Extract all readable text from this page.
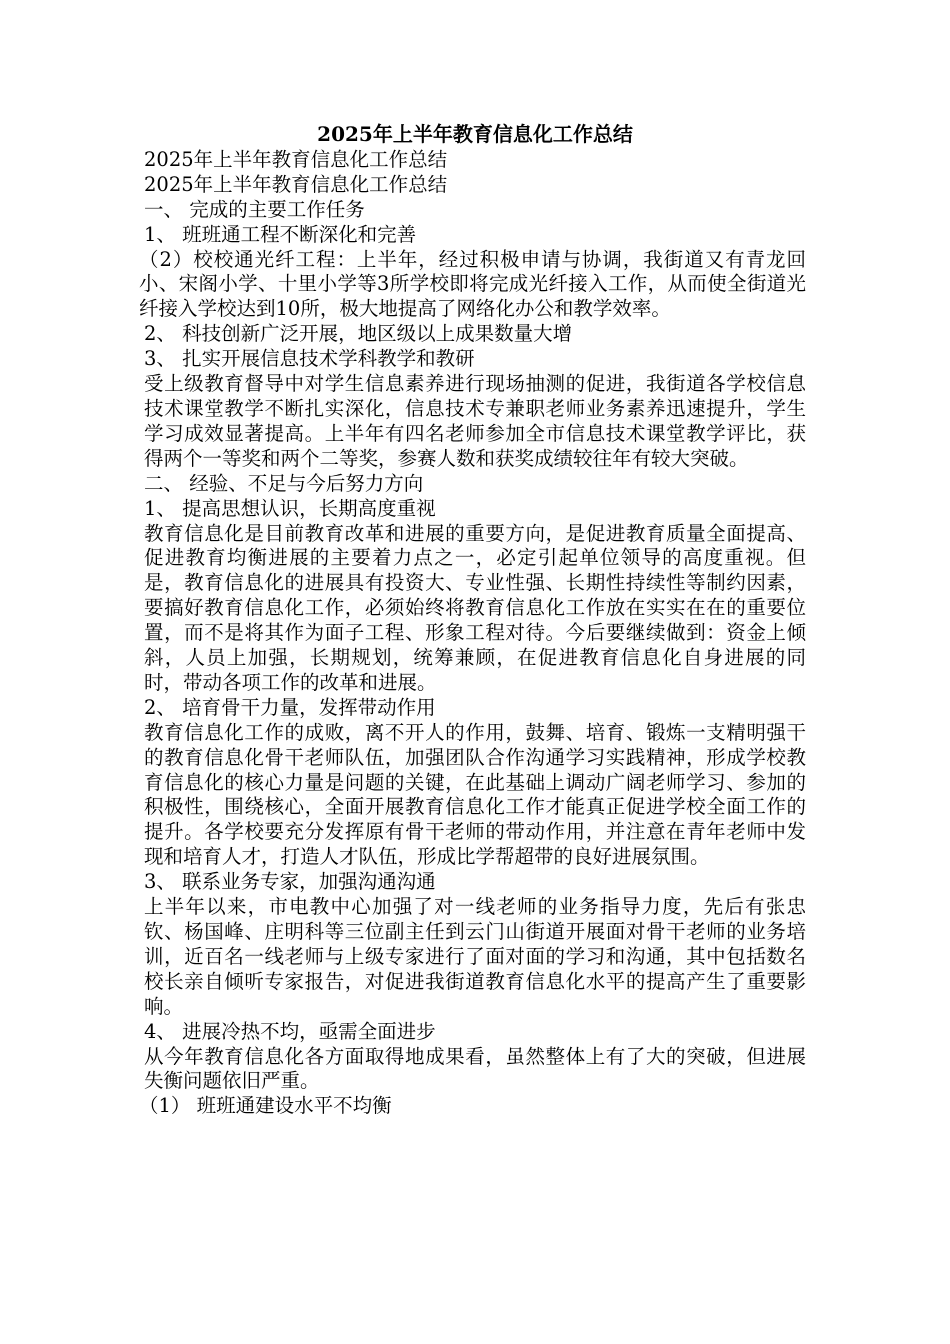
2025年上半年教育信息化工作总结
2025年上半年教育信息化工作总结
2025年上半年教育信息化工作总结
一、 完成的主要工作任务
1、 班班通工程不断深化和完善
（2）校校通光纤工程：上半年，经过积极申请与协调，我街道又有青龙回小、宋阁小学、十里小学等3所学校即将完成光纤接入工作，从而使全街道光纤接入学校达到10所，极大地提高了网络化办公和教学效率。
2、 科技创新广泛开展，地区级以上成果数量大增
3、 扎实开展信息技术学科教学和教研
受上级教育督导中对学生信息素养进行现场抽测的促进，我街道各学校信息技术课堂教学不断扎实深化，信息技术专兼职老师业务素养迅速提升，学生学习成效显著提高。上半年有四名老师参加全市信息技术课堂教学评比，获得两个一等奖和两个二等奖，参赛人数和获奖成绩较往年有较大突破。
二、 经验、不足与今后努力方向
1、 提高思想认识，长期高度重视
教育信息化是目前教育改革和进展的重要方向，是促进教育质量全面提高、促进教育均衡进展的主要着力点之一，必定引起单位领导的高度重视。但是，教育信息化的进展具有投资大、专业性强、长期性持续性等制约因素，要搞好教育信息化工作，必须始终将教育信息化工作放在实实在在的重要位置，而不是将其作为面子工程、形象工程对待。今后要继续做到：资金上倾斜，人员上加强，长期规划，统筹兼顾，在促进教育信息化自身进展的同时，带动各项工作的改革和进展。
2、 培育骨干力量，发挥带动作用
教育信息化工作的成败，离不开人的作用，鼓舞、培育、锻炼一支精明强干的教育信息化骨干老师队伍，加强团队合作沟通学习实践精神，形成学校教育信息化的核心力量是问题的关键，在此基础上调动广阔老师学习、参加的积极性，围绕核心，全面开展教育信息化工作才能真正促进学校全面工作的提升。各学校要充分发挥原有骨干老师的带动作用，并注意在青年老师中发现和培育人才，打造人才队伍，形成比学帮超带的良好进展氛围。
3、 联系业务专家，加强沟通沟通
上半年以来，市电教中心加强了对一线老师的业务指导力度，先后有张忠钦、杨国峰、庄明科等三位副主任到云门山街道开展面对骨干老师的业务培训，近百名一线老师与上级专家进行了面对面的学习和沟通，其中包括数名校长亲自倾听专家报告，对促进我街道教育信息化水平的提高产生了重要影响。
4、 进展冷热不均，亟需全面进步
从今年教育信息化各方面取得地成果看，虽然整体上有了大的突破，但进展失衡问题依旧严重。
（1） 班班通建设水平不均衡
